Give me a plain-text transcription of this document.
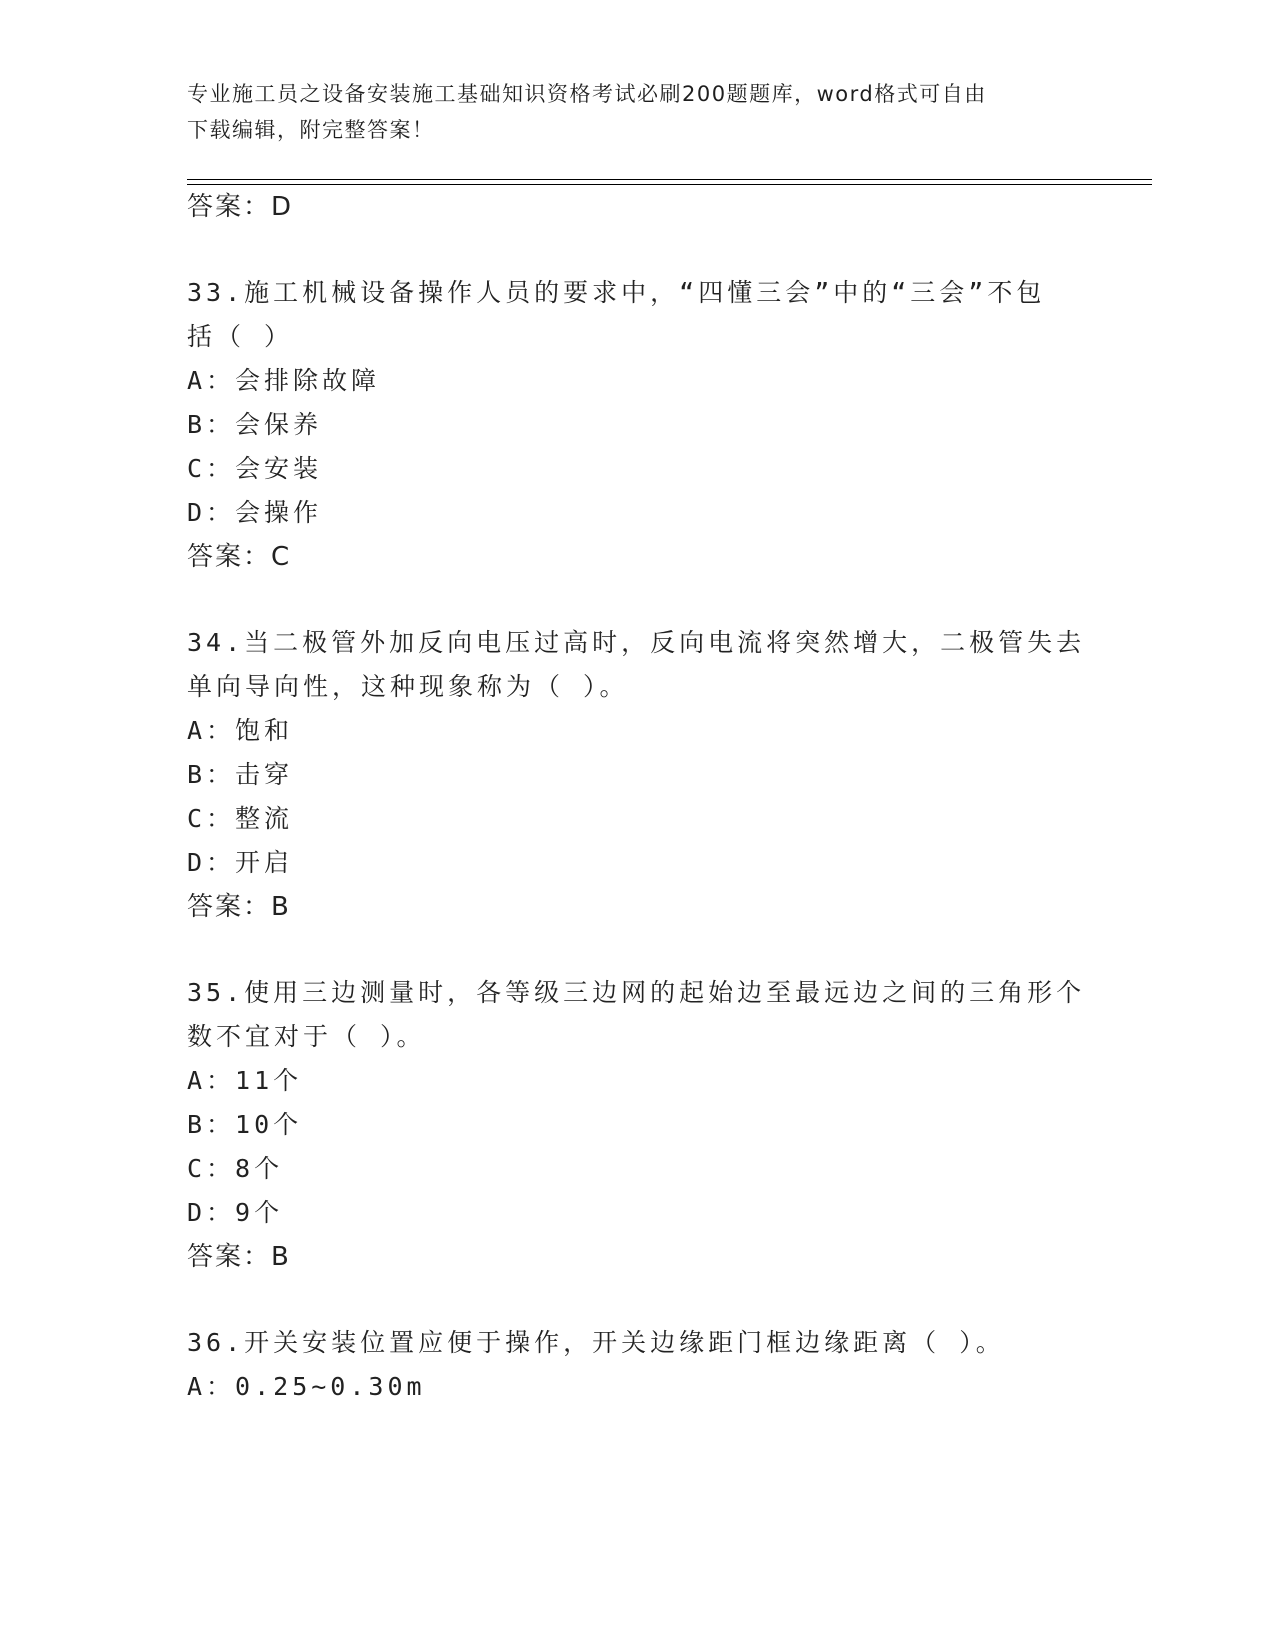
专业施工员之设备安装施工基础知识资格考试必刷200题题库，word格式可自由
下载编辑，附完整答案！
答案：D
33.施工机械设备操作人员的要求中，“四懂三会”中的“三会”不包
括（ ）
A：会排除故障
B：会保养
C：会安装
D：会操作
答案：C
34.当二极管外加反向电压过高时，反向电流将突然增大，二极管失去
单向导向性，这种现象称为（ ）。
A：饱和
B：击穿
C：整流
D：开启
答案：B
35.使用三边测量时，各等级三边网的起始边至最远边之间的三角形个
数不宜对于（ ）。
A：11个
B：10个
C：8个
D：9个
答案：B
36.开关安装位置应便于操作，开关边缘距门框边缘距离（ ）。
A：0.25~0.30m
